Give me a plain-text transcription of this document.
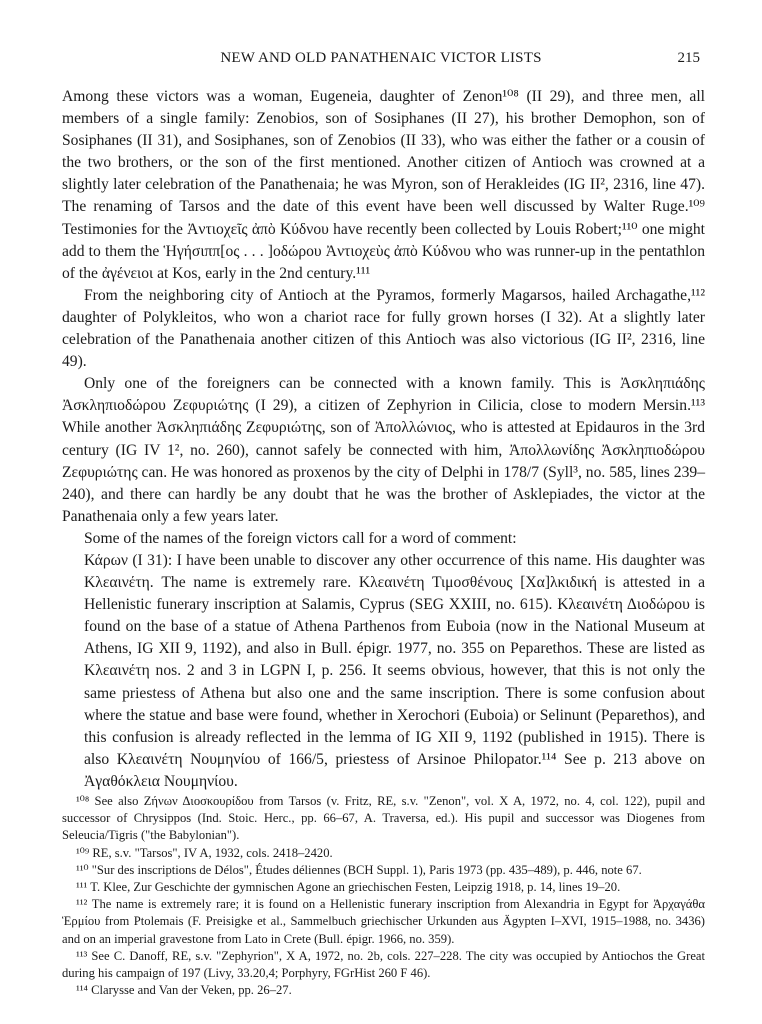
NEW AND OLD PANATHENAIC VICTOR LISTS	215

Among these victors was a woman, Eugeneia, daughter of Zenon¹⁰⁸ (II 29), and three men, all members of a single family: Zenobios, son of Sosiphanes (II 27), his brother Demophon, son of Sosiphanes (II 31), and Sosiphanes, son of Zenobios (II 33), who was either the father or a cousin of the two brothers, or the son of the first mentioned. Another citizen of Antioch was crowned at a slightly later celebration of the Panathenaia; he was Myron, son of Herakleides (IG II², 2316, line 47). The renaming of Tarsos and the date of this event have been well discussed by Walter Ruge.¹⁰⁹ Testimonies for the Ἀντιοχεῖς ἀπὸ Κύδνου have recently been collected by Louis Robert;¹¹⁰ one might add to them the Ἡγήσιππ[ος . . . ]οδώρου Ἀντιοχεὺς ἀπὸ Κύδνου who was runner-up in the pentathlon of the ἀγένειοι at Kos, early in the 2nd century.¹¹¹

From the neighboring city of Antioch at the Pyramos, formerly Magarsos, hailed Archagathe,¹¹² daughter of Polykleitos, who won a chariot race for fully grown horses (I 32). At a slightly later celebration of the Panathenaia another citizen of this Antioch was also victorious (IG II², 2316, line 49).

Only one of the foreigners can be connected with a known family. This is Ἀσκληπιάδης Ἀσκληπιοδώρου Ζεφυριώτης (I 29), a citizen of Zephyrion in Cilicia, close to modern Mersin.¹¹³ While another Ἀσκληπιάδης Ζεφυριώτης, son of Ἀπολλώνιος, who is attested at Epidauros in the 3rd century (IG IV 1², no. 260), cannot safely be connected with him, Ἀπολλωνίδης Ἀσκληπιοδώρου Ζεφυριώτης can. He was honored as proxenos by the city of Delphi in 178/7 (Syll³, no. 585, lines 239–240), and there can hardly be any doubt that he was the brother of Asklepiades, the victor at the Panathenaia only a few years later.

Some of the names of the foreign victors call for a word of comment:

Κάρων (I 31): I have been unable to discover any other occurrence of this name. His daughter was Κλεαινέτη. The name is extremely rare. Κλεαινέτη Τιμοσθένους [Χα]λκιδική is attested in a Hellenistic funerary inscription at Salamis, Cyprus (SEG XXIII, no. 615). Κλεαινέτη Διοδώρου is found on the base of a statue of Athena Parthenos from Euboia (now in the National Museum at Athens, IG XII 9, 1192), and also in Bull. épigr. 1977, no. 355 on Peparethos. These are listed as Κλεαινέτη nos. 2 and 3 in LGPN I, p. 256. It seems obvious, however, that this is not only the same priestess of Athena but also one and the same inscription. There is some confusion about where the statue and base were found, whether in Xerochori (Euboia) or Selinunt (Peparethos), and this confusion is already reflected in the lemma of IG XII 9, 1192 (published in 1915). There is also Κλεαινέτη Νουμηνίου of 166/5, priestess of Arsinoe Philopator.¹¹⁴ See p. 213 above on Ἀγαθόκλεια Νουμηνίου.

¹⁰⁸ See also Ζήνων Διοσκουρίδου from Tarsos (v. Fritz, RE, s.v. "Zenon", vol. X A, 1972, no. 4, col. 122), pupil and successor of Chrysippos (Ind. Stoic. Herc., pp. 66–67, A. Traversa, ed.). His pupil and successor was Diogenes from Seleucia/Tigris ("the Babylonian").

¹⁰⁹ RE, s.v. "Tarsos", IV A, 1932, cols. 2418–2420.

¹¹⁰ "Sur des inscriptions de Délos", Études déliennes (BCH Suppl. 1), Paris 1973 (pp. 435–489), p. 446, note 67.

¹¹¹ T. Klee, Zur Geschichte der gymnischen Agone an griechischen Festen, Leipzig 1918, p. 14, lines 19–20.

¹¹² The name is extremely rare; it is found on a Hellenistic funerary inscription from Alexandria in Egypt for Ἀρχαγάθα Ἑρμίου from Ptolemais (F. Preisigke et al., Sammelbuch griechischer Urkunden aus Ägypten I–XVI, 1915–1988, no. 3436) and on an imperial gravestone from Lato in Crete (Bull. épigr. 1966, no. 359).

¹¹³ See C. Danoff, RE, s.v. "Zephyrion", X A, 1972, no. 2b, cols. 227–228. The city was occupied by Antiochos the Great during his campaign of 197 (Livy, 33.20,4; Porphyry, FGrHist 260 F 46).

¹¹⁴ Clarysse and Van der Veken, pp. 26–27.
